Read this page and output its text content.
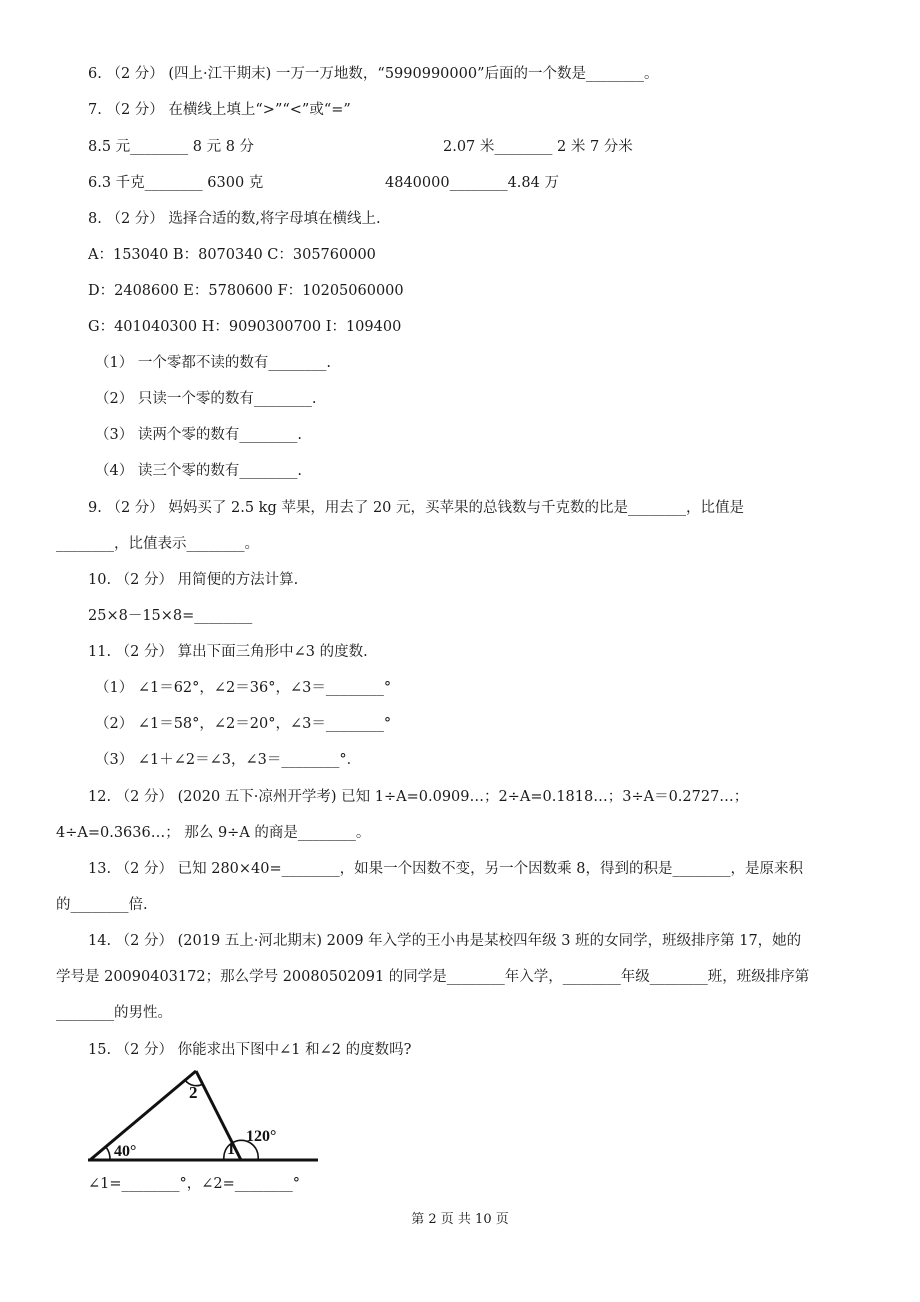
6. （2 分） (四上·江干期末) 一万一万地数，“5990990000”后面的一个数是________。
7. （2 分） 在横线上填上“>”“<”或“=”
8.5 元________ 8 元 8 分	2.07 米________ 2 米 7 分米
6.3 千克________ 6300 克	4840000________4.84 万
8. （2 分） 选择合适的数,将字母填在横线上.
A：153040 B：8070340 C：305760000
D：2408600 E：5780600 F：10205060000
G：401040300 H：9090300700 I：109400
（1） 一个零都不读的数有________.
（2） 只读一个零的数有________.
（3） 读两个零的数有________.
（4） 读三个零的数有________.
9. （2 分） 妈妈买了 2.5 kg 苹果，用去了 20 元，买苹果的总钱数与千克数的比是________，比值是
________，比值表示________。
10. （2 分） 用简便的方法计算.
25×8－15×8=________
11. （2 分） 算出下面三角形中∠3 的度数.
（1） ∠1＝62°，∠2＝36°，∠3＝________°
（2） ∠1＝58°，∠2＝20°，∠3＝________°
（3） ∠1＋∠2＝∠3，∠3＝________°．
12. （2 分） (2020 五下·凉州开学考) 已知 1÷A=0.0909…；2÷A=0.1818…；3÷A＝0.2727…；
4÷A=0.3636…； 那么 9÷A 的商是________。
13. （2 分） 已知 280×40=________，如果一个因数不变，另一个因数乘 8，得到的积是________，是原来积
的________倍.
14. （2 分） (2019 五上·河北期末) 2009 年入学的王小冉是某校四年级 3 班的女同学，班级排序第 17，她的
学号是 20090403172；那么学号 20080502091 的同学是________年入学，________年级________班，班级排序第
________的男性。
15. （2 分） 你能求出下图中∠1 和∠2 的度数吗?
2
40°	1
120°
∠1=________°，∠2=________°
第 2 页 共 10 页
